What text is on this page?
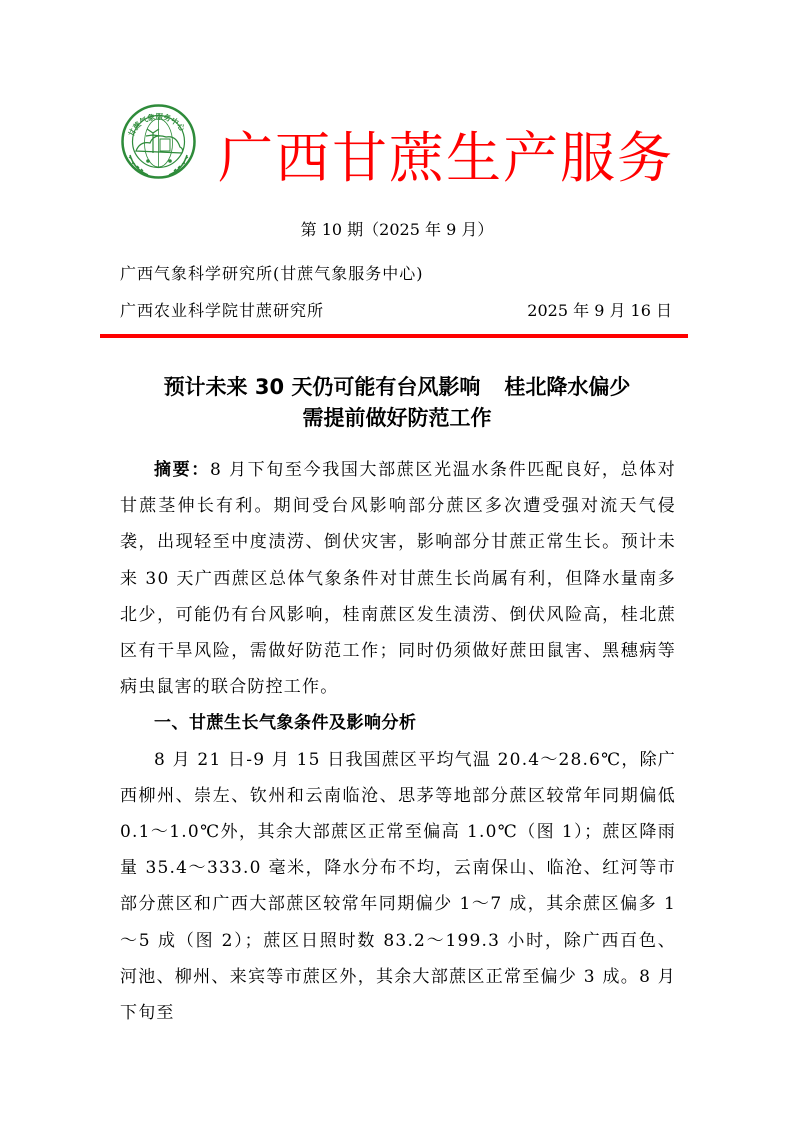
甘蔗气象服务中心 广西甘蔗生产服务
第 10 期（2025 年 9 月）
广西气象科学研究所(甘蔗气象服务中心)
广西农业科学院甘蔗研究所	2025 年 9 月 16 日
预计未来 30 天仍可能有台风影响 桂北降水偏少
需提前做好防范工作

摘要：8 月下旬至今我国大部蔗区光温水条件匹配良好，总体对甘蔗茎伸长有利。期间受台风影响部分蔗区多次遭受强对流天气侵袭，出现轻至中度渍涝、倒伏灾害，影响部分甘蔗正常生长。预计未来 30 天广西蔗区总体气象条件对甘蔗生长尚属有利，但降水量南多北少，可能仍有台风影响，桂南蔗区发生渍涝、倒伏风险高，桂北蔗区有干旱风险，需做好防范工作；同时仍须做好蔗田鼠害、黑穗病等病虫鼠害的联合防控工作。

一、甘蔗生长气象条件及影响分析

8 月 21 日-9 月 15 日我国蔗区平均气温 20.4～28.6℃，除广西柳州、崇左、钦州和云南临沧、思茅等地部分蔗区较常年同期偏低 0.1～1.0℃外，其余大部蔗区正常至偏高 1.0℃（图 1）；蔗区降雨量 35.4～333.0 毫米，降水分布不均，云南保山、临沧、红河等市部分蔗区和广西大部蔗区较常年同期偏少 1～7 成，其余蔗区偏多 1～5 成（图 2）；蔗区日照时数 83.2～199.3 小时，除广西百色、河池、柳州、来宾等市蔗区外，其余大部蔗区正常至偏少 3 成。8 月下旬至
